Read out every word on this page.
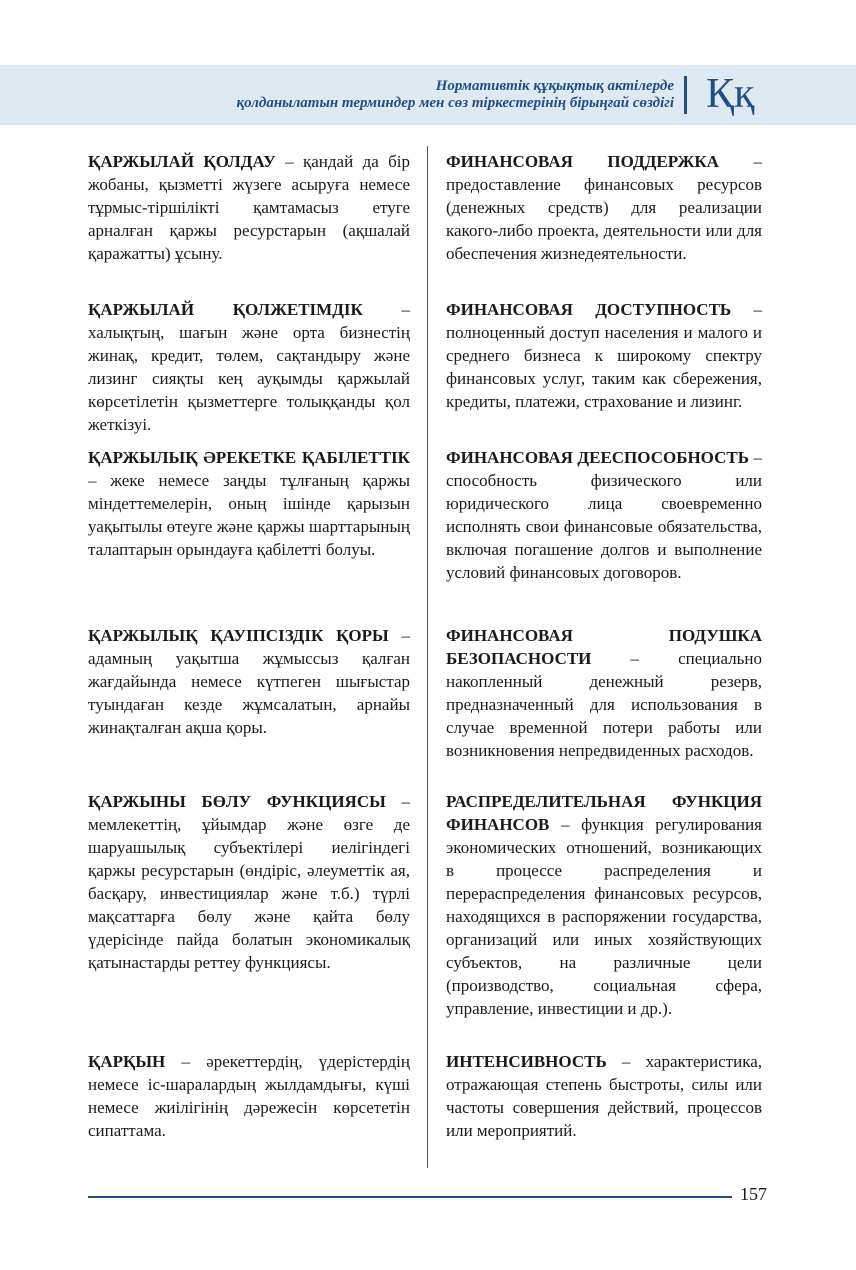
Нормативтік құқықтық актілерде
қолданылатын терминдер мен сөз тіркестерінің бірыңғай сөздігі Ққ
ҚАРЖЫЛАЙ ҚОЛДАУ – қандай да бір жобаны, қызметті жүзеге асыруға немесе тұрмыс-тіршілікті қамтамасыз етуге арналған қаржы ресурстарын (ақшалай қаражатты) ұсыну.
ҚАРЖЫЛАЙ ҚОЛЖЕТІМДІК – халықтың, шағын және орта бизнестің жинақ, кредит, төлем, сақтандыру және лизинг сияқты кең ауқымды қаржылай көрсетілетін қызметтерге толыққанды қол жеткізуі.
ҚАРЖЫЛЫҚ ӘРЕКЕТКЕ ҚАБІЛЕТТІК – жеке немесе заңды тұлғаның қаржы міндеттемелерін, оның ішінде қарызын уақытылы өтеуге және қаржы шарттарының талаптарын орындауға қабілетті болуы.
ҚАРЖЫЛЫҚ ҚАУІПСІЗДІК ҚОРЫ – адамның уақытша жұмыссыз қалған жағдайында немесе күтпеген шығыстар туындаған кезде жұмсалатын, арнайы жинақталған ақша қоры.
ҚАРЖЫНЫ БӨЛУ ФУНКЦИЯСЫ – мемлекеттің, ұйымдар және өзге де шаруашылық субъектілері иелігіндегі қаржы ресурстарын (өндіріс, әлеуметтік ая, басқару, инвестициялар және т.б.) түрлі мақсаттарға бөлу және қайта бөлу үдерісінде пайда болатын экономикалық қатынастарды реттеу функциясы.
ҚАРҚЫН – әрекеттердің, үдерістердің немесе іс-шаралардың жылдамдығы, күші немесе жиілігінің дәрежесін көрсететін сипаттама.
ФИНАНСОВАЯ ПОДДЕРЖКА – предоставление финансовых ресурсов (денежных средств) для реализации какого-либо проекта, деятельности или для обеспечения жизнедеятельности.
ФИНАНСОВАЯ ДОСТУПНОСТЬ – полноценный доступ населения и малого и среднего бизнеса к широкому спектру финансовых услуг, таким как сбережения, кредиты, платежи, страхование и лизинг.
ФИНАНСОВАЯ ДЕЕСПОСОБНОСТЬ – способность физического или юридического лица своевременно исполнять свои финансовые обязательства, включая погашение долгов и выполнение условий финансовых договоров.
ФИНАНСОВАЯ ПОДУШКА БЕЗОПАСНОСТИ – специально накопленный денежный резерв, предназначенный для использования в случае временной потери работы или возникновения непредвиденных расходов.
РАСПРЕДЕЛИТЕЛЬНАЯ ФУНКЦИЯ ФИНАНСОВ – функция регулирования экономических отношений, возникающих в процессе распределения и перераспределения финансовых ресурсов, находящихся в распоряжении государства, организаций или иных хозяйствующих субъектов, на различные цели (производство, социальная сфера, управление, инвестиции и др.).
ИНТЕНСИВНОСТЬ – характеристика, отражающая степень быстроты, силы или частоты совершения действий, процессов или мероприятий.
157
